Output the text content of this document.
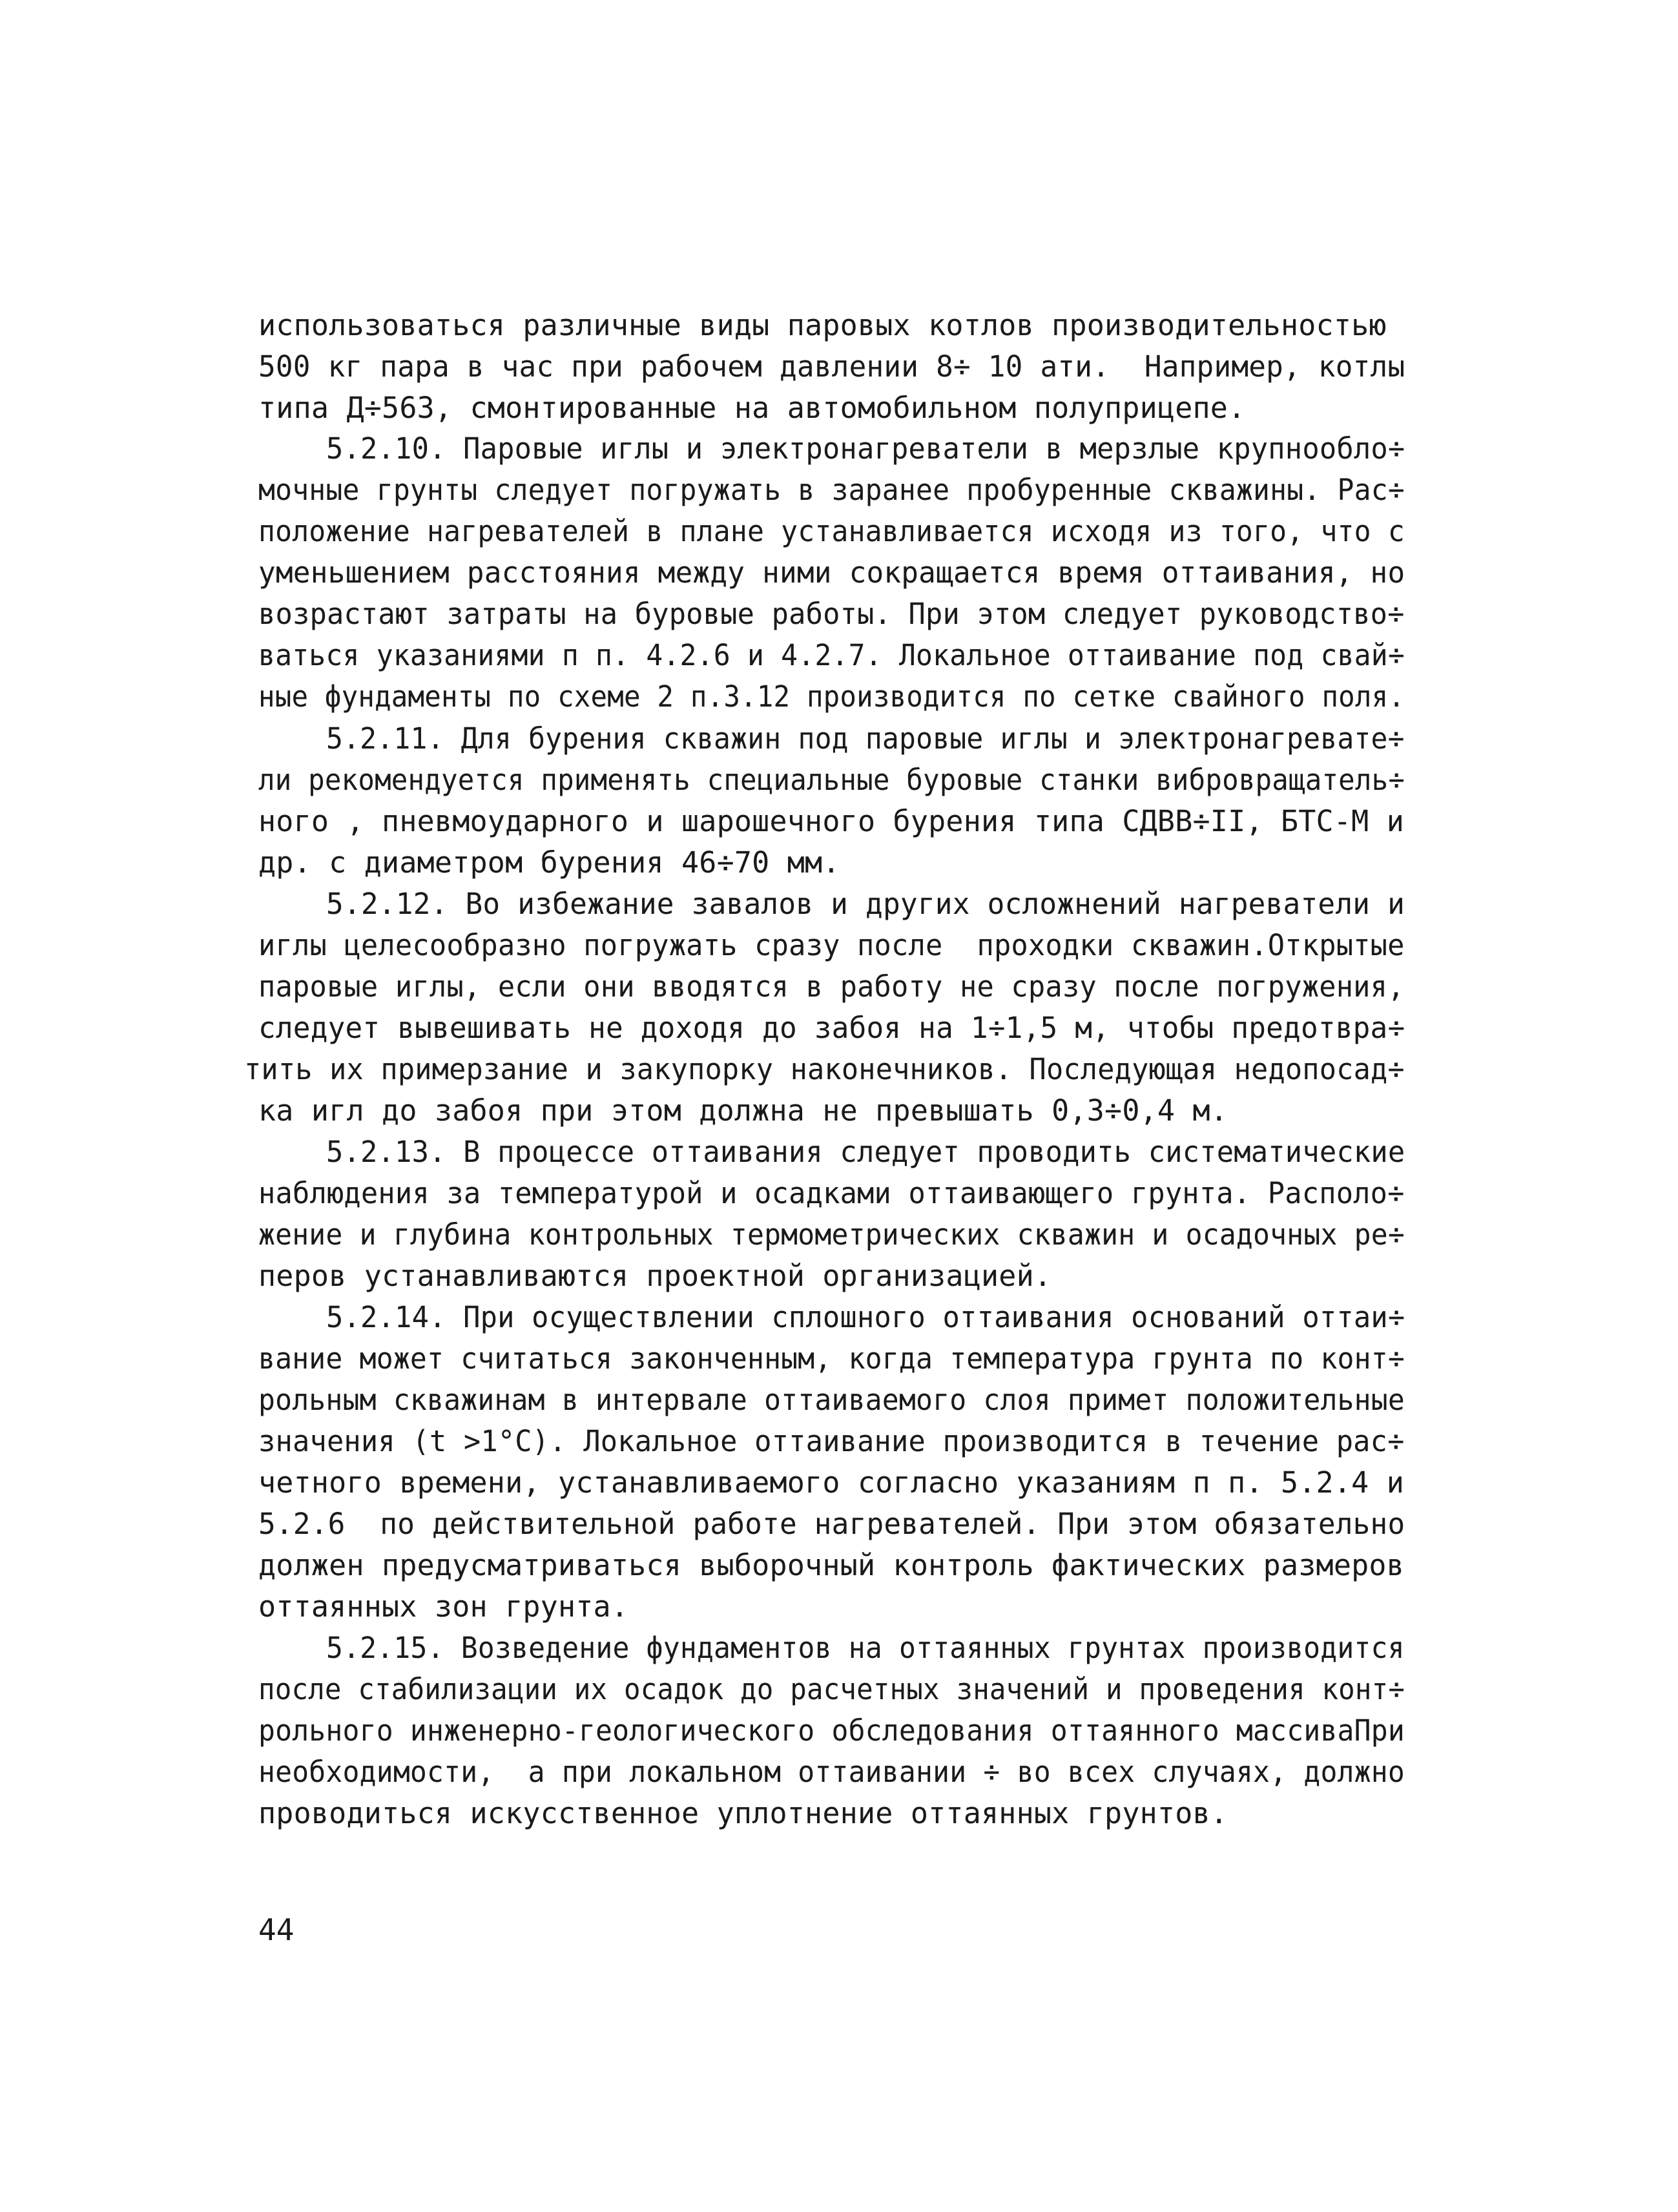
использоваться различные виды паровых котлов производительностью
500 кг пара в час при рабочем давлении 8÷ 10 ати.  Например, котлы
типа Д÷563, смонтированные на автомобильном полуприцепе.
5.2.10. Паровые иглы и электронагреватели в мерзлые крупнообло÷
мочные грунты следует погружать в заранее пробуренные скважины. Рас÷
положение нагревателей в плане устанавливается исходя из того, что с
уменьшением расстояния между ними сокращается время оттаивания, но
возрастают затраты на буровые работы. При этом следует руководство÷
ваться указаниями п п. 4.2.6 и 4.2.7. Локальное оттаивание под свай÷
ные фундаменты по схеме 2 п.3.12 производится по сетке свайного поля.
5.2.11. Для бурения скважин под паровые иглы и электронагревате÷
ли рекомендуется применять специальные буровые станки вибровращатель÷
ного , пневмоударного и шарошечного бурения типа СДВВ÷II, БТС-М и
др. с диаметром бурения 46÷70 мм.
5.2.12. Во избежание завалов и других осложнений нагреватели и
иглы целесообразно погружать сразу после  проходки скважин.Открытые
паровые иглы, если они вводятся в работу не сразу после погружения,
следует вывешивать не доходя до забоя на 1÷1,5 м, чтобы предотвра÷
тить их примерзание и закупорку наконечников. Последующая недопосад÷
ка игл до забоя при этом должна не превышать 0,3÷0,4 м.
5.2.13. В процессе оттаивания следует проводить систематические
наблюдения за температурой и осадками оттаивающего грунта. Располо÷
жение и глубина контрольных термометрических скважин и осадочных ре÷
перов устанавливаются проектной организацией.
5.2.14. При осуществлении сплошного оттаивания оснований оттаи÷
вание может считаться законченным, когда температура грунта по конт÷
рольным скважинам в интервале оттаиваемого слоя примет положительные
значения (t >1°С). Локальное оттаивание производится в течение рас÷
четного времени, устанавливаемого согласно указаниям п п. 5.2.4 и
5.2.6  по действительной работе нагревателей. При этом обязательно
должен предусматриваться выборочный контроль фактических размеров
оттаянных зон грунта.
5.2.15. Возведение фундаментов на оттаянных грунтах производится
после стабилизации их осадок до расчетных значений и проведения конт÷
рольного инженерно-геологического обследования оттаянного массиваПри
необходимости,  а при локальном оттаивании ÷ во всех случаях, должно
проводиться искусственное уплотнение оттаянных грунтов.
44
